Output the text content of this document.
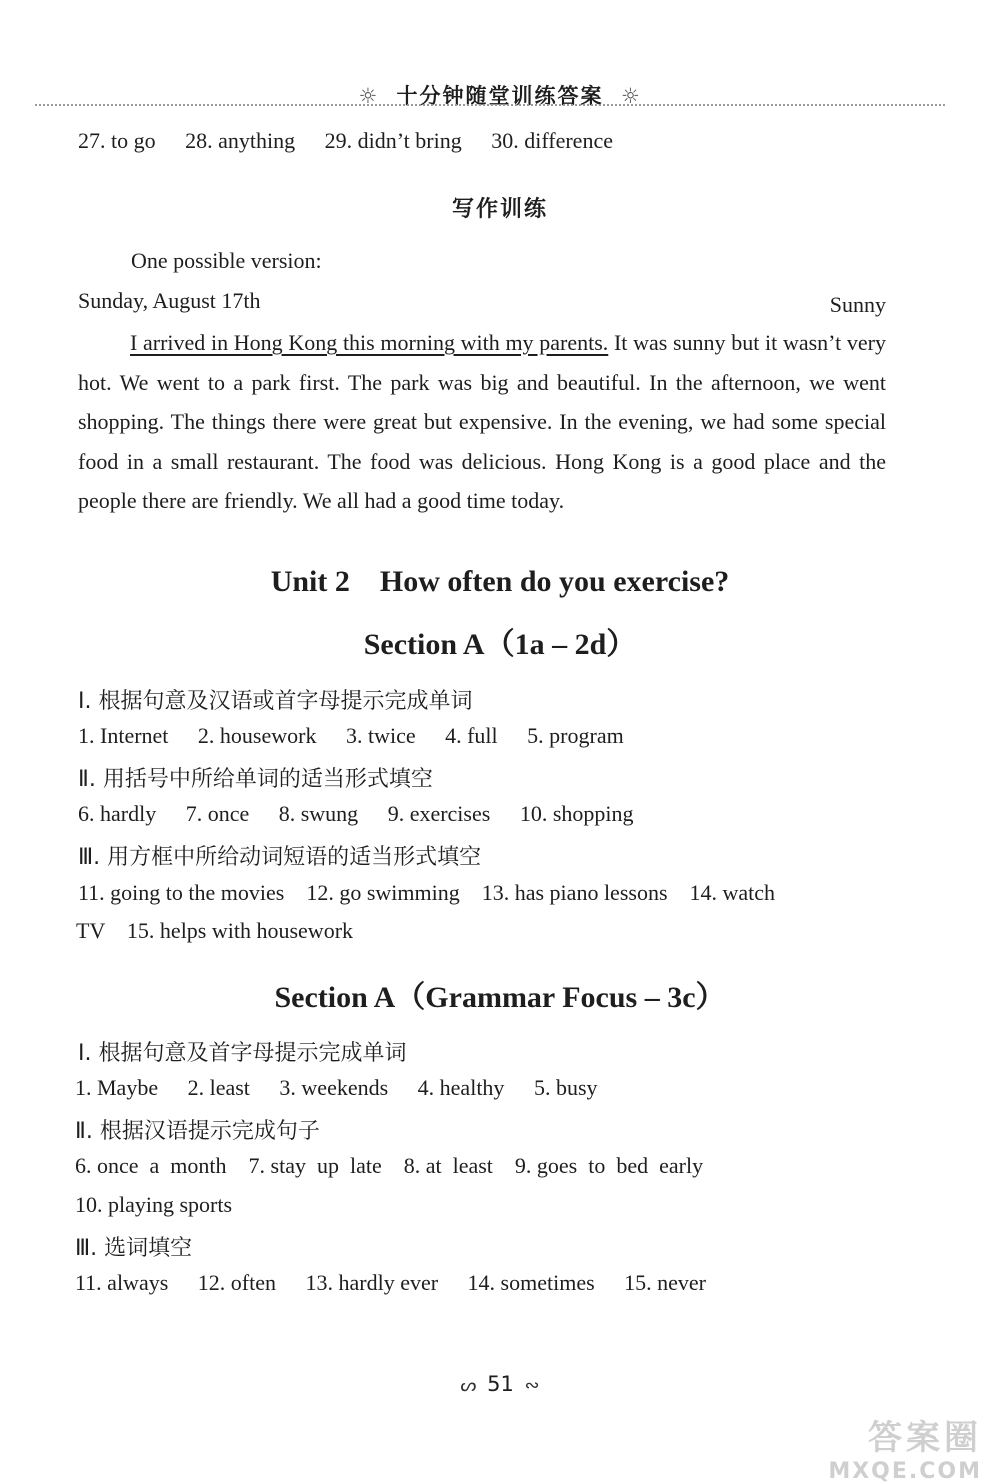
☼ 十分钟随堂训练答案 ☼
27. to go 28. anything 29. didn’t bring 30. difference
写作训练
One possible version:
Sunday, August 17th	Sunny
I arrived in Hong Kong this morning with my parents. It was sunny but it wasn’t very hot. We went to a park first. The park was big and beautiful. In the afternoon, we went shopping. The things there were great but expensive. In the evening, we had some special food in a small restaurant. The food was delicious. Hong Kong is a good place and the people there are friendly. We all had a good time today.
Unit 2    How often do you exercise?
Section A（1a – 2d）
Ⅰ. 根据句意及汉语或首字母提示完成单词
1. Internet 2. housework 3. twice 4. full 5. program
Ⅱ. 用括号中所给单词的适当形式填空
6. hardly 7. once 8. swung 9. exercises 10. shopping
Ⅲ. 用方框中所给动词短语的适当形式填空
11. going to the movies    12. go swimming    13. has piano lessons    14. watch
TV    15. helps with housework
Section A（Grammar Focus – 3c）
Ⅰ. 根据句意及首字母提示完成单词
1. Maybe 2. least 3. weekends 4. healthy 5. busy
Ⅱ. 根据汉语提示完成句子
6. once  a  month    7. stay  up  late    8. at  least    9. goes  to  bed  early
10. playing sports
Ⅲ. 选词填空
11. always 12. often 13. hardly ever 14. sometimes 15. never
ᔕ 51 ∾
答案圈
MXQE.COM
